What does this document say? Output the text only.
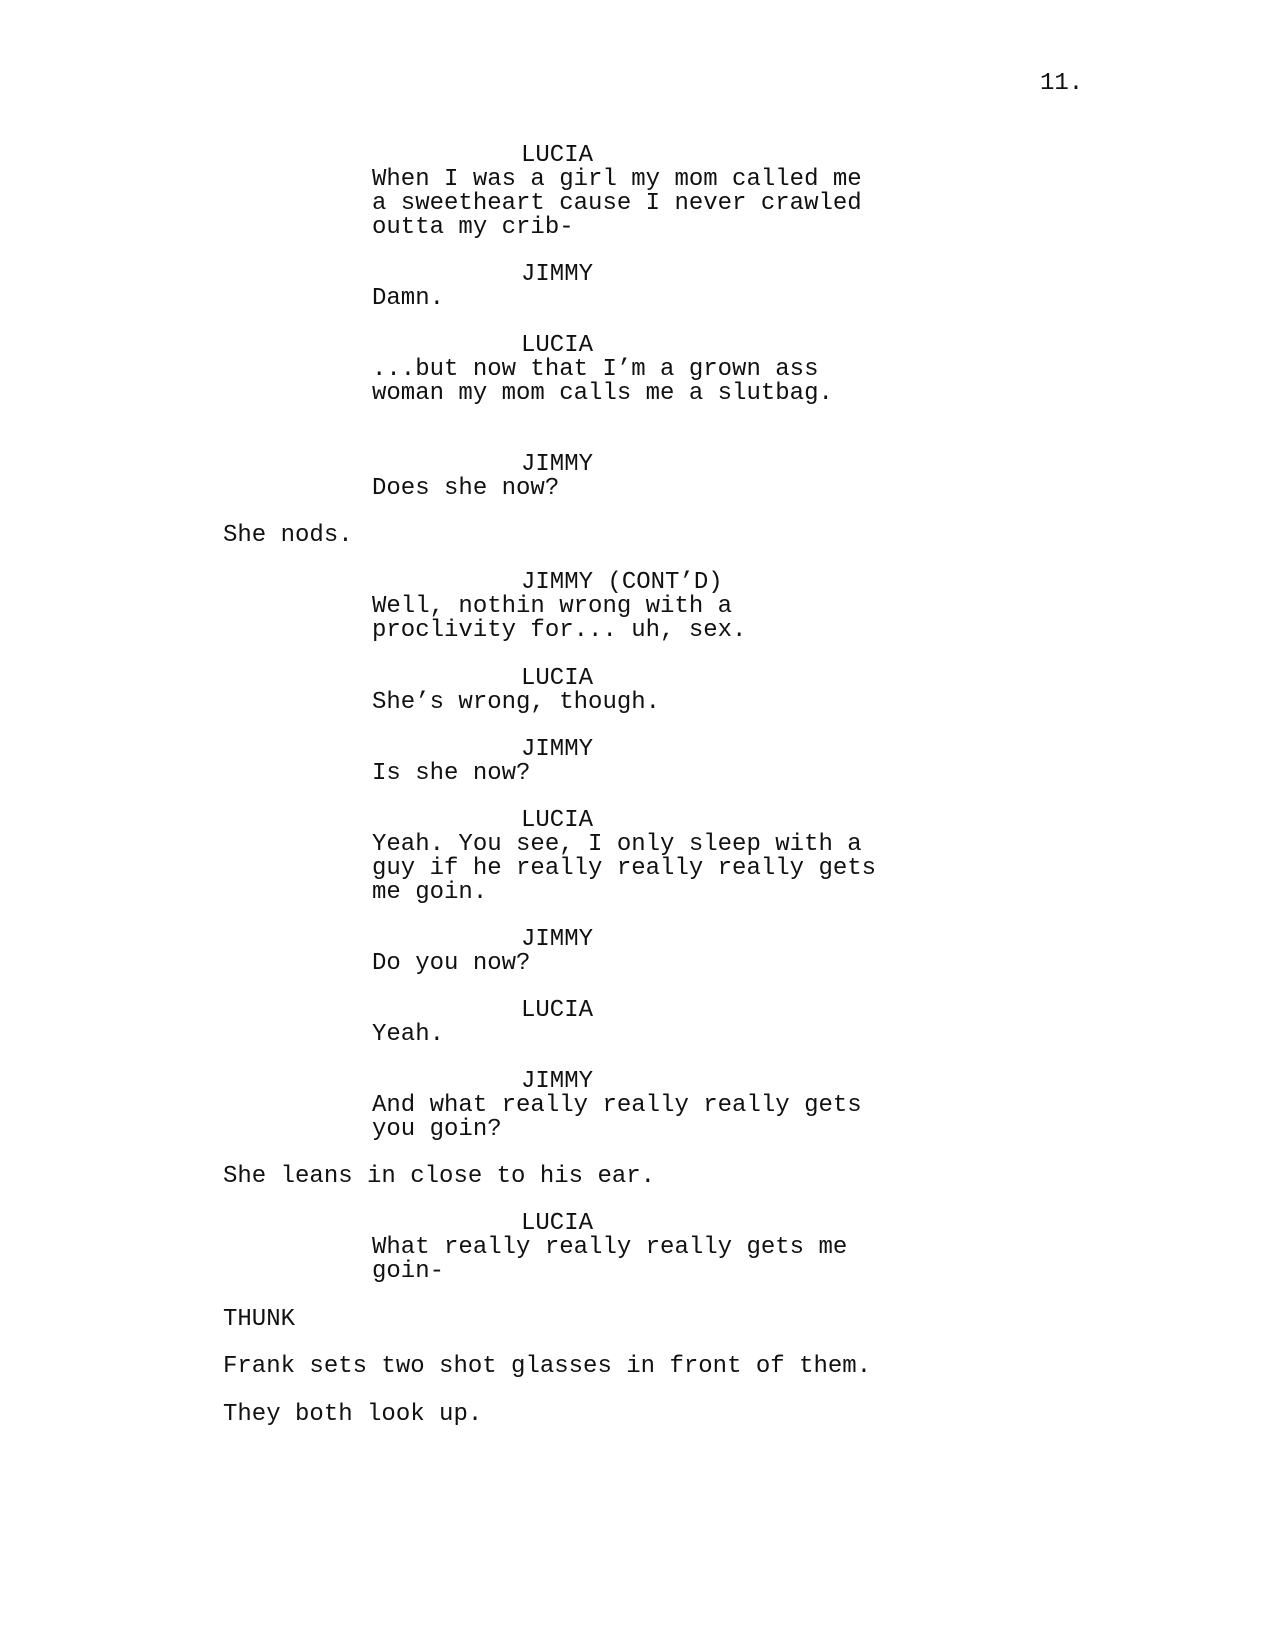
11.
LUCIA
When I was a girl my mom called me
a sweetheart cause I never crawled
outta my crib-
JIMMY
Damn.
LUCIA
...but now that I’m a grown ass
woman my mom calls me a slutbag.
JIMMY
Does she now?
She nods.
JIMMY (CONT’D)
Well, nothin wrong with a
proclivity for... uh, sex.
LUCIA
She’s wrong, though.
JIMMY
Is she now?
LUCIA
Yeah. You see, I only sleep with a
guy if he really really really gets
me goin.
JIMMY
Do you now?
LUCIA
Yeah.
JIMMY
And what really really really gets
you goin?
She leans in close to his ear.
LUCIA
What really really really gets me
goin-
THUNK
Frank sets two shot glasses in front of them.
They both look up.
